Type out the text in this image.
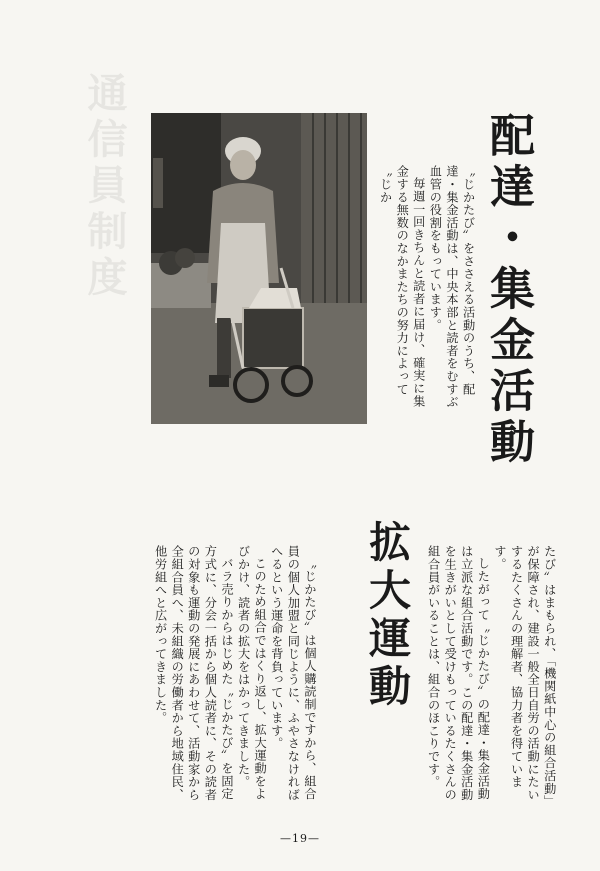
通信員制度	〝じかたび〟をささえる活動のうち、配達・集金活動は、中央本部と読者をむすぶ血管の役割をもっています。

毎週一回きちんと読者に届け、確実に集金する無数のなかまたちの努力によって〝じか	配達・集金活動

たび〟はまもられ、「機関紙中心の組合活動」が保障され、建設一般全日自労の活動にたいするたくさんの理解者、協力者を得ています。

したがって〝じかたび〟の配達・集金活動は立派な組合活動です。この配達・集金活動を生きがいとして受けもっているたくさんの組合員がいることは、組合のほこりです。

拡大運動

〝じかたび〟は個人購読制ですから、組合員の個人加盟と同じように、ふやさなければへるという運命を背負っています。

このため組合ではくり返し、拡大運動をよびかけ、読者の拡大をはかってきました。

バラ売りからはじめた〝じかたび〟を固定方式に、分会一括から個人読者に、その読者の対象も運動の発展にあわせて、活動家から全組合員へ、未組織の労働者から地域住民、他労組へと広がってきました。

—19—
